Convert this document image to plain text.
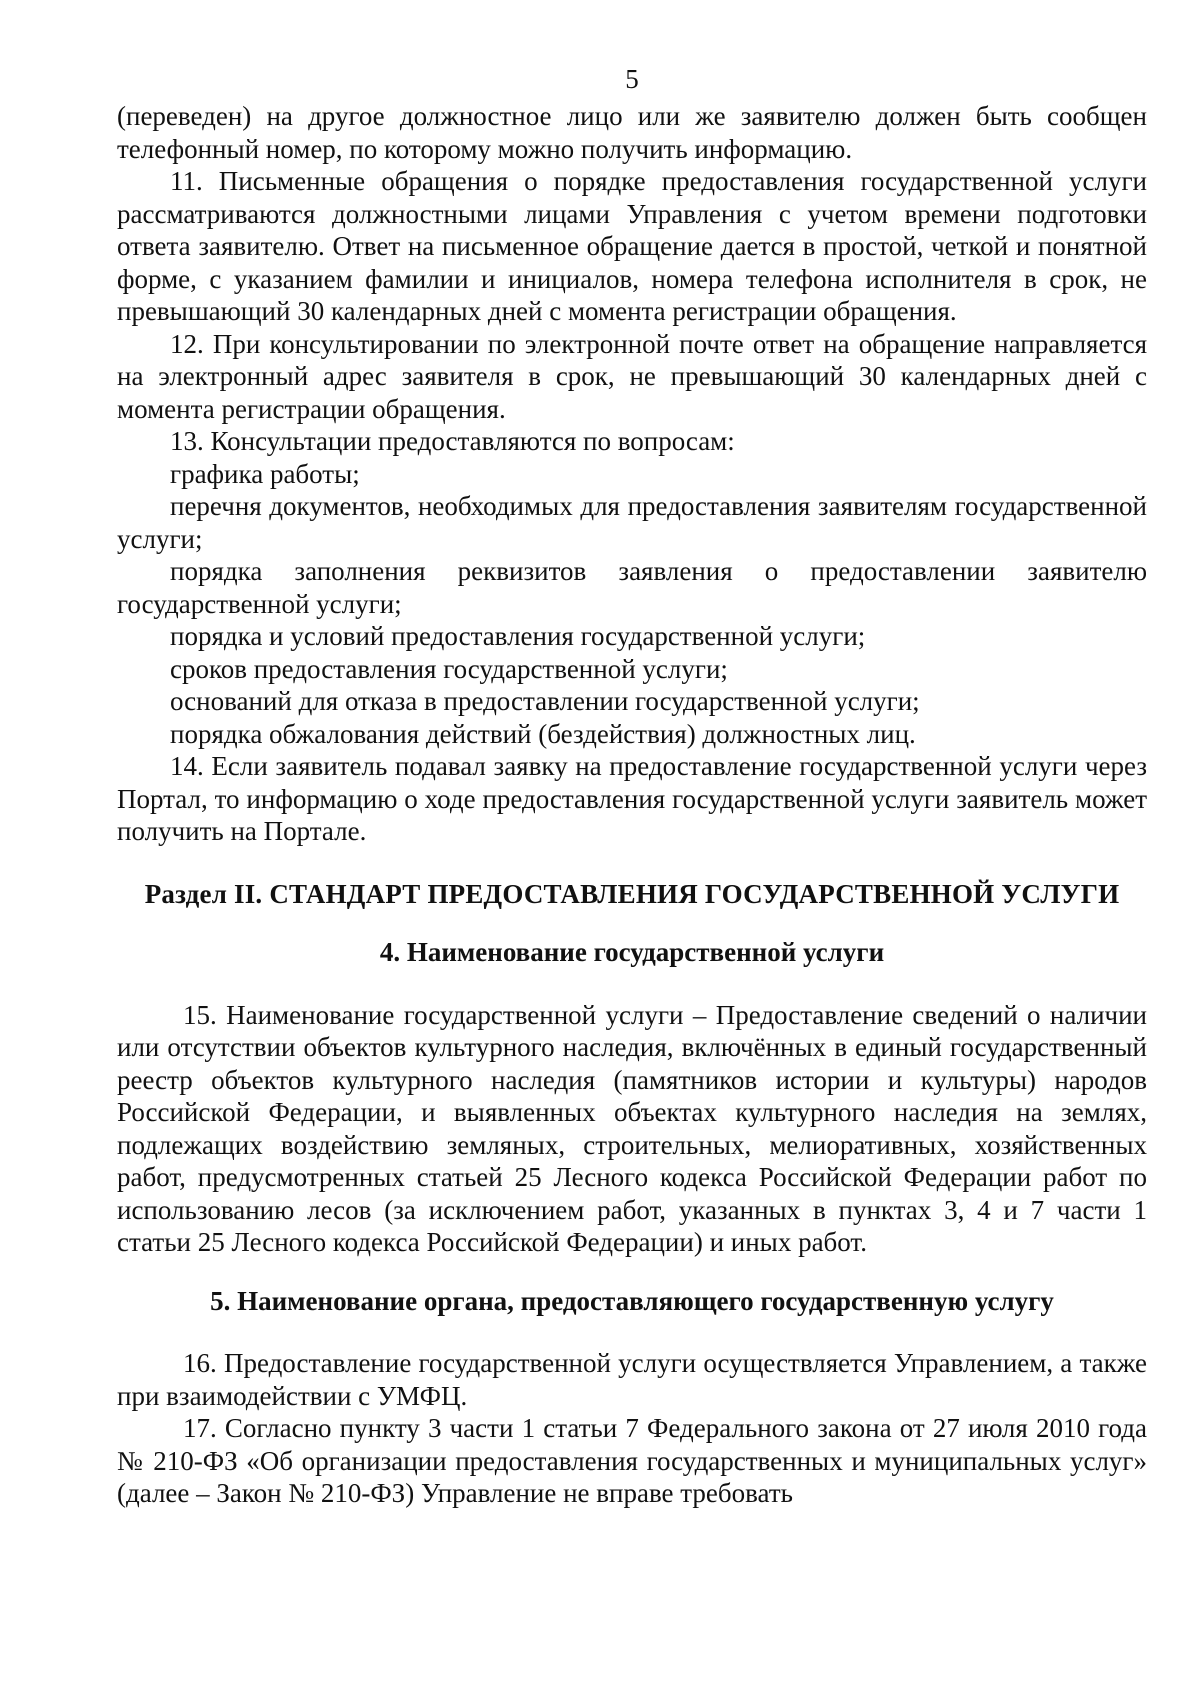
5

(переведен) на другое должностное лицо или же заявителю должен быть сообщен телефонный номер, по которому можно получить информацию.

11. Письменные обращения о порядке предоставления государственной услуги рассматриваются должностными лицами Управления с учетом времени подготовки ответа заявителю. Ответ на письменное обращение дается в простой, четкой и понятной форме, с указанием фамилии и инициалов, номера телефона исполнителя в срок, не превышающий 30 календарных дней с момента регистрации обращения.

12. При консультировании по электронной почте ответ на обращение направляется на электронный адрес заявителя в срок, не превышающий 30 календарных дней с момента регистрации обращения.

13. Консультации предоставляются по вопросам:

графика работы;

перечня документов, необходимых для предоставления заявителям государственной услуги;

порядка заполнения реквизитов заявления о предоставлении заявителю государственной услуги;

порядка и условий предоставления государственной услуги;

сроков предоставления государственной услуги;

оснований для отказа в предоставлении государственной услуги;

порядка обжалования действий (бездействия) должностных лиц.

14. Если заявитель подавал заявку на предоставление государственной услуги через Портал, то информацию о ходе предоставления государственной услуги заявитель может получить на Портале.

Раздел II. СТАНДАРТ ПРЕДОСТАВЛЕНИЯ ГОСУДАРСТВЕННОЙ УСЛУГИ
4. Наименование государственной услуги

15. Наименование государственной услуги – Предоставление сведений о наличии или отсутствии объектов культурного наследия, включённых в единый государственный реестр объектов культурного наследия (памятников истории и культуры) народов Российской Федерации, и выявленных объектах культурного наследия на землях, подлежащих воздействию земляных, строительных, мелиоративных, хозяйственных работ, предусмотренных статьей 25 Лесного кодекса Российской Федерации работ по использованию лесов (за исключением работ, указанных в пунктах 3, 4 и 7 части 1 статьи 25 Лесного кодекса Российской Федерации) и иных работ.

5. Наименование органа, предоставляющего государственную услугу

16. Предоставление государственной услуги осуществляется Управлением, а также при взаимодействии с УМФЦ.

17. Согласно пункту 3 части 1 статьи 7 Федерального закона от 27 июля 2010 года № 210-ФЗ «Об организации предоставления государственных и муниципальных услуг» (далее – Закон № 210-ФЗ) Управление не вправе требовать
